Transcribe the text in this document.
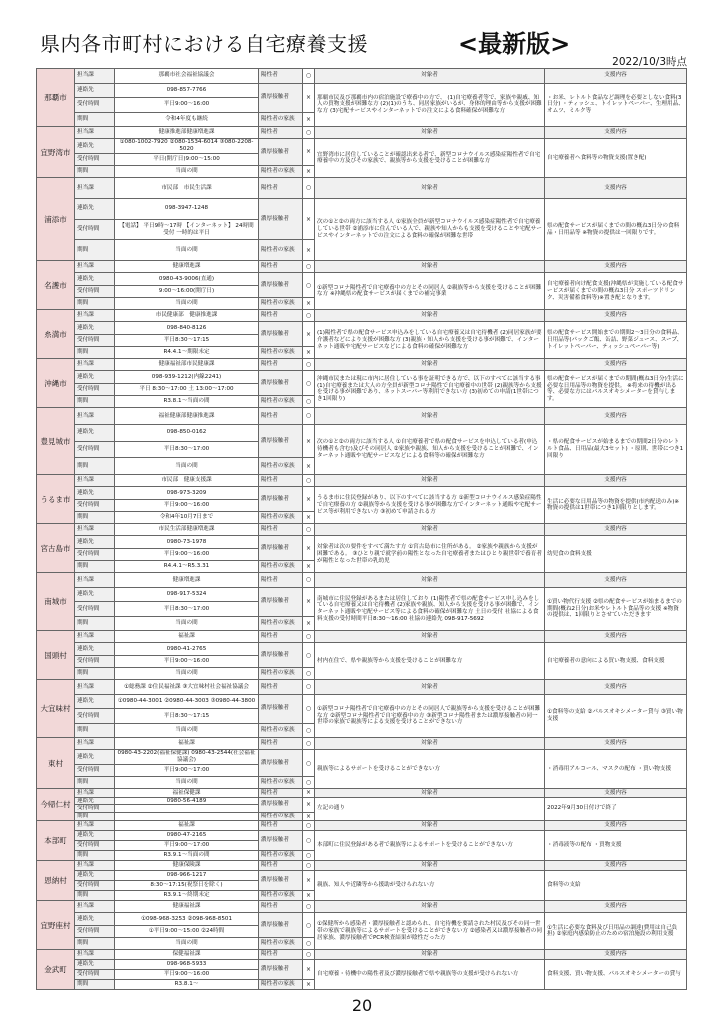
県内各市町村における自宅療養支援	<最新版>
2022/10/3時点
那覇市	担当課	那覇市社会福祉協議会	陽性者	○	対象者	支援内容
	連絡先	098-857-7766	濃厚接触者	×	那覇市民及び那覇市内の宿泊施設で療養中の方で、 (1)自宅療養者等で、家族や親戚、知人の買物支援が困難な方 (2)(1)のうち、同居家族がいるが、身体的理由等から支援が困難な方 (3)宅配サービスやインターネットでの注文による食料確保が困難な方	・お米、レトルト食品など調理を必要としない食料(3日分) ・ティッシュ、トイレットペーパー、生理用品、オムツ、ミルク等
	受付時間	平日9:00～16:00				
	期間	令和4年度も継続	陽性者の家族	×		
宜野湾市	担当課	健康推進部健康増進課	陽性者	○	対象者	支援内容
	連絡先	①080-1002-7920 ②080-1534-6014 ③080-2208-5020	濃厚接触者	×	宜野湾市に居住していることが確認出来る者で、新型コロナウイルス感染症陽性者で自宅療養中の方及びその家族で、親族等から支援を受けることが困難な方	自宅療養者へ食料等の物資支援(置き配)
	受付時間	平日(開庁日)9:00～15:00				
	期間	当面の間	陽性者の家族	×		
浦添市	担当課	市民部　市民生活課	陽性者	○	対象者	支援内容
	連絡先	098-3947-1248	濃厚接触者	×	次の①と②の両方に該当する人 ①家族全員が新型コロナウイルス感染症陽性者で自宅療養している世帯 ②浦添市に住んでいる人で、親族や知人からも支援を受けることや宅配サービスやインターネットでの注文による食料の確保が困難な世帯	県の配食サービスが届くまでの間の概ね3日分の食料品・日用品等 ※物資の提供は一回限りです。
	受付時間	【電話】 平日9時～17時 【インターネット】 24時間受付 一時的は平日				
	期間	当面の間	陽性者の家族	×		
名護市	担当課	健康増進課	陽性者	○	対象者	支援内容
	連絡先	0980-43-9006(直通)	濃厚接触者	○	①新型コロナ陽性者で自宅療養中の方とその同居人 ②親族等から支援を受けることが困難な方 ※沖縄県の配食サービスが届くまでの補完事業	自宅療養者向け配食支援(沖縄県が実施している配食サービスが届くまでの間の概ね3日分 スポーツドリンク、災害備蓄食料等)※置き配となります。
	受付時間	9:00～16:00(開庁日)				
	期間	当面の間	陽性者の家族	×		
糸満市	担当課	市民健康部　健康推進課	陽性者	○	対象者	支援内容
	連絡先	098-840-8126	濃厚接触者	×	(1)陽性者で県の配食サービス申込みをしている自宅療養又は自宅待機者 (2)同居家族が要介護者などにより支援が困難な方 (3)親族・知人から支援を受ける事が困難で、インターネット通販や宅配サービスなどによる食料の確保が困難な方	県の配食サービス開始までの期間2～3日分の食料品、日用品等(パックご飯、缶詰、野菜ジュース、スープ、トイレットペーパー、ティッシュペーパー等)
	受付時間	平日8:30～17:15				
	期間	R4.4.1～期限未定	陽性者の家族	×		
沖縄市	担当課	健康福祉部市民健康課	陽性者	○	対象者	支援内容
	連絡先	098-939-1212(内線2241)	濃厚接触者	○	沖縄市民または現に市内に居住している事を証明できる方で、以下のすべてに該当する事 (1)自宅療養または大人の方全員が新型コロナ陽性で自宅療養中の世帯 (2)親族等から支援を受ける事が困難であり、ネットスーパー等利用できない方 (3)初めての申請(1世帯につき1回限り)	県の配食サービスが届くまでの期間(概ね3日分)生活に必要な日用品等の物資を提供。 ※将来の待機が出る等、必要な方にはパルスオキシメーターを貸与します。
	受付時間	平日 8:30～17:00 土 13:00～17:00				
	期間	R3.8.1～当面の間	陽性者の家族	○		
豊見城市	担当課	福祉健康部健康推進課	陽性者	○	対象者	支援内容
	連絡先	098-850-0162	濃厚接触者	×	次の①と②の両方に該当する人 ①自宅療養者で県の配食サービスを申込している者(申込待機者も含む)及びその同居人 ②家族や親族、知人から支援を受けることが困難で、インターネット通販や宅配サービスなどによる食料等の確保が困難な方	・県の配食サービスが始まるまでの期間2日分のレトルト食品、日用品(最大3セット) ・原則、世帯につき1回限り
	受付時間	平日8:30～17:00				
	期間	当面の間	陽性者の家族	×		
うるま市	担当課	市民部　健康支援課	陽性者	○	対象者	支援内容
	連絡先	098-973-3209	濃厚接触者	×	うるま市に住民登録があり、以下のすべてに該当する方 ①新型コロナウイルス感染症陽性で自宅療養の方 ②親族等から支援を受ける事が困難な方でインターネット通販や宅配サービス等が利用できない方 ③初めて申請される方	生活に必要な日用品等の物資を提供(市内配送のみ)※物資の提供は1世帯につき1回限りとします。
	受付時間	平日9:00～16:00				
	期間	令和4年10月7日まで	陽性者の家族	×		
宮古島市	担当課	市民生活部健康増進課	陽性者	○	対象者	支援内容
	連絡先	0980-73-1978	濃厚接触者	×	対象者は次の要件をすべて満たす方 ①宮古島市に住所がある。 ②家族や親族から支援が困難である。 ③ひとり親で就学前の陽性となった自宅療養者またはひとり親世帯で養育者が陽性となった世帯の乳幼児	幼児食の食料支援
	受付時間	平日9:00～16:00				
	期間	R4.4.1～R5.3.31	陽性者の家族	×		
南城市	担当課	健康増進課	陽性者	○	対象者	支援内容
	連絡先	098-917-5324	濃厚接触者	×	南城市に住民登録があるまたは居住しており (1)陽性者で県の配食サービス申し込みをしている自宅療養又は自宅待機者 (2)家族や親族、知人から支援を受ける事が困難で、インターネット通販や宅配サービス等による食料の確保が困難な方 土日の受付 社協による食料支援の受付時間平日8:30～16:00 社協の連絡先 098-917-5692	①買い物代行支援 ②県の配食サービスが始まるまでの期間(概ね2日分)お米やレトルト食品等の支援 ※物資の提供は、1回限りとさせていただきます
	受付時間	平日8:30～17:00				
	期間	当面の間	陽性者の家族	×		
国頭村	担当課	福祉課	陽性者	○	対象者	支援内容
	連絡先	0980-41-2765	濃厚接触者	○	村内在住で、県や親族等から支援を受けることが困難な方	自宅療養者の意向による買い物支援、食料支援
	受付時間	平日9:00～16:00				
	期間	当面の間	陽性者の家族	○		
大宜味村	担当課	①総務課 ②住民福祉課 ③大宜味村社会福祉協議会	陽性者	○	対象者	支援内容
	連絡先	①0980-44-3001 ②0980-44-3003 ③0980-44-3800	濃厚接触者	○	①新型コロナ陽性者で自宅療養中の方とその同居人で親族等から支援を受けることが困難な方 ②新型コロナ陽性者で自宅療養中の方 ③新型コロナ陽性者または濃厚接触者の同一世帯の家族で親族等による支援を受けることができない方	①食料等の支給 ②パルスオキシメーター貸与 ③買い物支援
	受付時間	平日8:30～17:15				
	期間	当面の間	陽性者の家族	○		
東村	担当課	福祉課	陽性者	○	対象者	支援内容
	連絡先	0980-43-2202(福祉保健課) 0980-43-2544(社会福祉協議会)	濃厚接触者	○	親族等によるサポートを受けることができない方	・消毒用アルコール、マスクの配布 ・買い物支援
	受付時間	平日9:00～17:00				
	期間	当面の間	陽性者の家族	○		
今帰仁村	担当課	福祉保健課	陽性者	×	対象者	支援内容
	連絡先	0980-56-4189	濃厚接触者	×	左記の通り	2022年9月30日付けで終了
	受付時間					
	期間		陽性者の家族	×		
本部町	担当課	福祉課	陽性者	○	対象者	支援内容
	連絡先	0980-47-2165	濃厚接触者	○	本部町に住民登録がある者で親族等によるサポートを受けることができない方	・消毒液等の配布 ・買物支援
	受付時間	平日9:00～17:00				
	期間	R3.9.1～当面の間	陽性者の家族	○		
恩納村	担当課	健康保険課	陽性者	○	対象者	支援内容
	連絡先	098-966-1217	濃厚接触者	×	親族、知人や近隣等から援助が受けられない方	食料等の支給
	受付時間	8:30～17:15(祝祭日を除く)				
	期間	R3.9.1～終期未定	陽性者の家族	×		
宜野座村	担当課	健康福祉課	陽性者	○	対象者	支援内容
	連絡先	①098-968-3253 ②098-968-8501	濃厚接触者	○	①保健所から感染者・濃厚接触者と認められ、自宅待機を要請された村民及びその同一世帯の家族で親族等によるサポートを受けることができない方 ②感染者又は濃厚接触者の同居家族、濃厚接触者でPCR検査結果が陰性だった方	①生活に必要な食料及び日用品の調達(費用は自己負担) ②家庭内感染防止のための宿泊施設の利用支援
	受付時間	①平日9:00～15:00 ②24時間				
	期間	当面の間	陽性者の家族	○		
金武町	担当課	保健福祉課	陽性者	○	対象者	支援内容
	連絡先	098-968-5933	濃厚接触者	×	自宅療養・待機中の陽性者及び濃厚接触者で県や親族等の支援が受けられない方	食料支援、買い物支援、パルスオキシメーターの貸与
	受付時間	平日9:00～16:00				
	期間	R3.8.1～	陽性者の家族	×		
20
